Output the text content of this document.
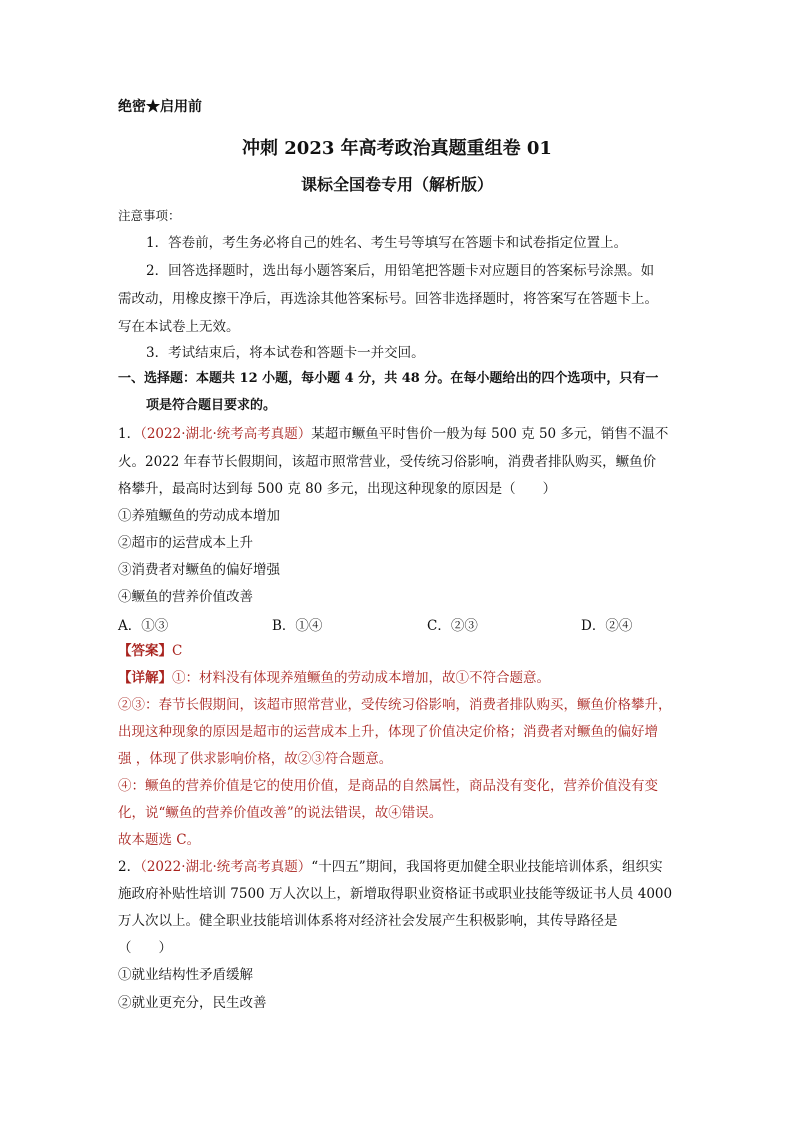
绝密★启用前
冲刺 2023 年高考政治真题重组卷 01
课标全国卷专用（解析版）
注意事项：
1．答卷前，考生务必将自己的姓名、考生号等填写在答题卡和试卷指定位置上。
2．回答选择题时，选出每小题答案后，用铅笔把答题卡对应题目的答案标号涂黑。如
需改动，用橡皮擦干净后，再选涂其他答案标号。回答非选择题时，将答案写在答题卡上。
写在本试卷上无效。
3．考试结束后，将本试卷和答题卡一并交回。
一、选择题：本题共 12 小题，每小题 4 分，共 48 分。在每小题给出的四个选项中，只有一
项是符合题目要求的。
1．（2022·湖北·统考高考真题）某超市鳜鱼平时售价一般为每 500 克 50 多元，销售不温不
火。2022 年春节长假期间，该超市照常营业，受传统习俗影响，消费者排队购买，鳜鱼价
格攀升，最高时达到每 500 克 80 多元，出现这种现象的原因是（　　）
①养殖鳜鱼的劳动成本增加
②超市的运营成本上升
③消费者对鳜鱼的偏好增强
④鳜鱼的营养价值改善
A．①③	B．①④	C．②③	D．②④
【答案】C
【详解】①：材料没有体现养殖鳜鱼的劳动成本增加，故①不符合题意。
②③：春节长假期间，该超市照常营业，受传统习俗影响，消费者排队购买，鳜鱼价格攀升，
出现这种现象的原因是超市的运营成本上升，体现了价值决定价格；消费者对鳜鱼的偏好增
强 ，体现了供求影响价格，故②③符合题意。
④：鳜鱼的营养价值是它的使用价值，是商品的自然属性，商品没有变化，营养价值没有变
化，说“鳜鱼的营养价值改善”的说法错误，故④错误。
故本题选 C。
2．（2022·湖北·统考高考真题）“十四五”期间，我国将更加健全职业技能培训体系，组织实
施政府补贴性培训 7500 万人次以上，新增取得职业资格证书或职业技能等级证书人员 4000
万人次以上。健全职业技能培训体系将对经济社会发展产生积极影响，其传导路径是
（　　）
①就业结构性矛盾缓解
②就业更充分，民生改善
